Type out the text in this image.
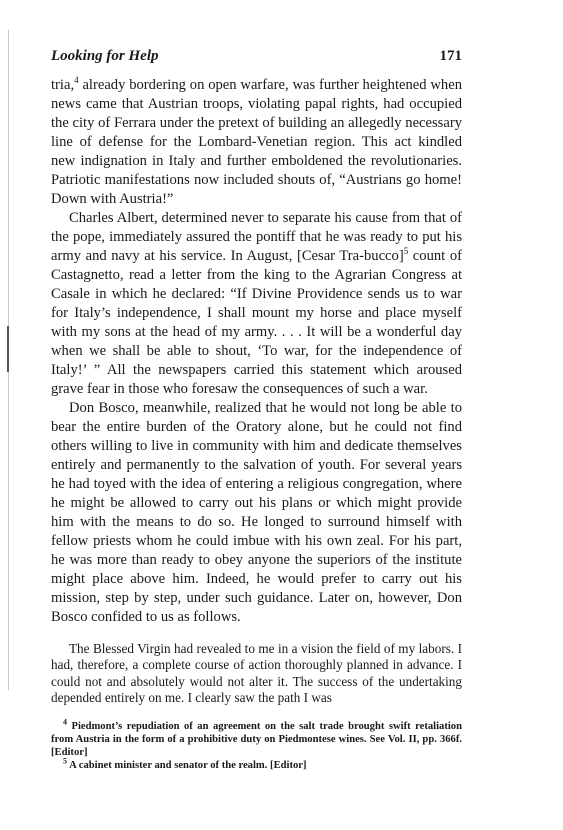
Looking for Help	171

tria,$^4$ already bordering on open warfare, was further heightened when news came that Austrian troops, violating papal rights, had occupied the city of Ferrara under the pretext of building an allegedly necessary line of defense for the Lombard-Venetian region. This act kindled new indignation in Italy and further emboldened the revolutionaries. Patriotic manifestations now included shouts of, “Austrians go home! Down with Austria!”

Charles Albert, determined never to separate his cause from that of the pope, immediately assured the pontiff that he was ready to put his army and navy at his service. In August, [Cesar Tra-bucco]$^5$ count of Castagnetto, read a letter from the king to the Agrarian Congress at Casale in which he declared: “If Divine Providence sends us to war for Italy’s independence, I shall mount my horse and place myself with my sons at the head of my army. . . . It will be a wonderful day when we shall be able to shout, ‘To war, for the independence of Italy!’ ” All the newspapers carried this statement which aroused grave fear in those who foresaw the consequences of such a war.

Don Bosco, meanwhile, realized that he would not long be able to bear the entire burden of the Oratory alone, but he could not find others willing to live in community with him and dedicate themselves entirely and permanently to the salvation of youth. For several years he had toyed with the idea of entering a religious congregation, where he might be allowed to carry out his plans or which might provide him with the means to do so. He longed to surround himself with fellow priests whom he could imbue with his own zeal. For his part, he was more than ready to obey anyone the superiors of the institute might place above him. Indeed, he would prefer to carry out his mission, step by step, under such guidance. Later on, however, Don Bosco confided to us as follows.

The Blessed Virgin had revealed to me in a vision the field of my labors. I had, therefore, a complete course of action thoroughly planned in advance. I could not and absolutely would not alter it. The success of the undertaking depended entirely on me. I clearly saw the path I was

$^4$ Piedmont’s repudiation of an agreement on the salt trade brought swift retaliation from Austria in the form of a prohibitive duty on Piedmontese wines. See Vol. II, pp. 366f. [Editor]

$^5$ A cabinet minister and senator of the realm. [Editor]
